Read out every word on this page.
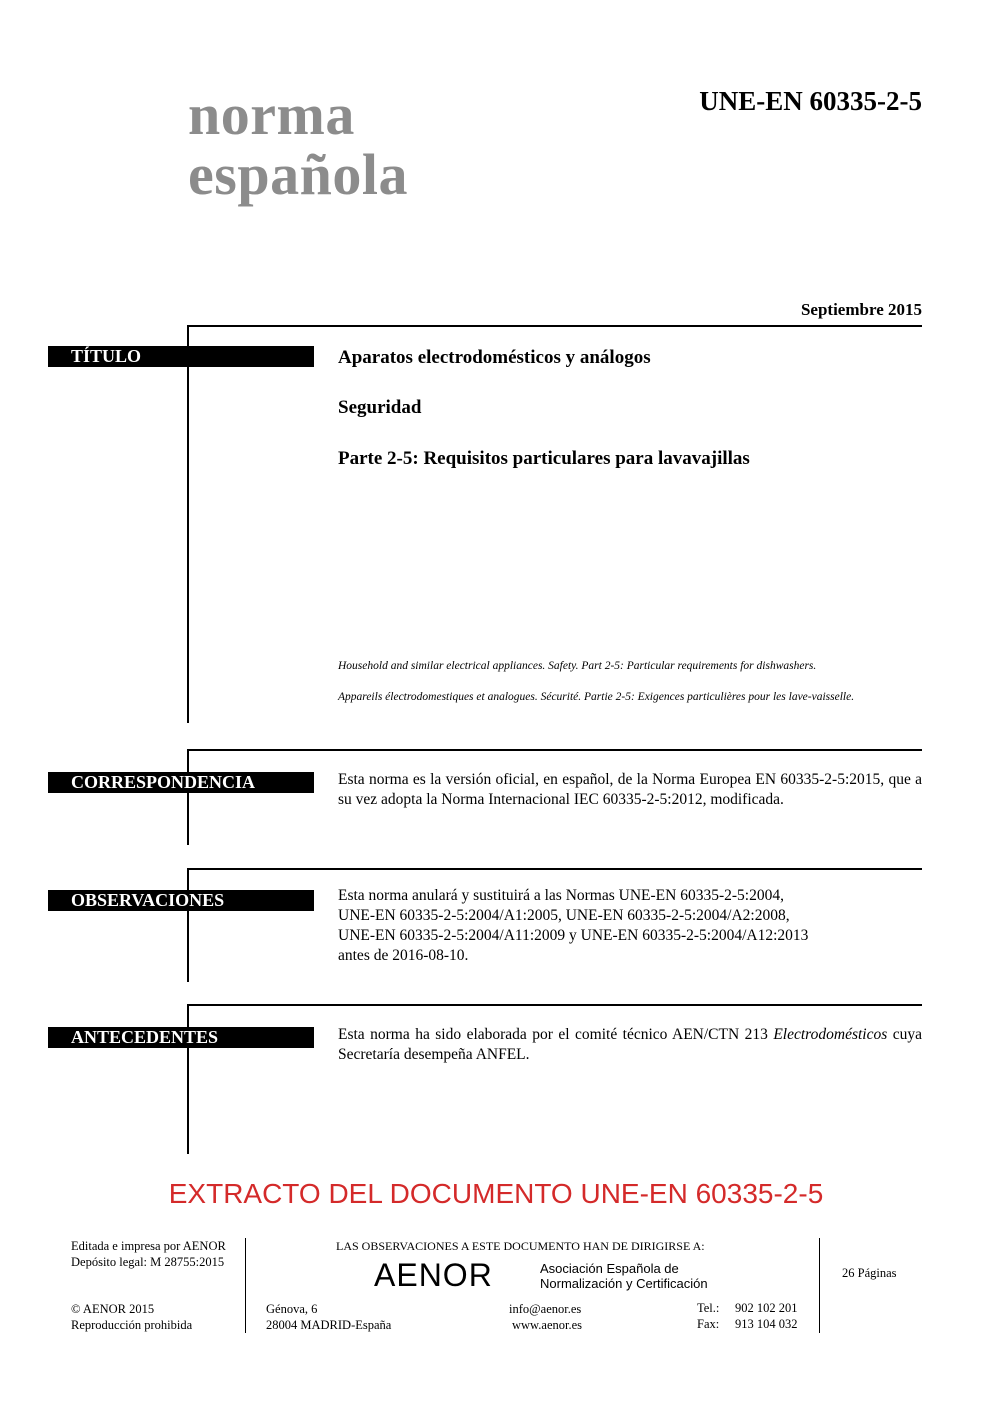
norma
española
UNE-EN 60335-2-5
Septiembre 2015
TÍTULO	Aparatos electrodomésticos y análogos
Seguridad
Parte 2-5: Requisitos particulares para lavavajillas
Household and similar electrical appliances. Safety. Part 2-5: Particular requirements for dishwashers.
Appareils électrodomestiques et analogues. Sécurité. Partie 2-5: Exigences particulières pour les lave-vaisselle.
CORRESPONDENCIA	Esta norma es la versión oficial, en español, de la Norma Europea EN 60335-2-5:2015, que a su vez adopta la Norma Internacional IEC 60335-2-5:2012, modificada.
OBSERVACIONES	Esta norma anulará y sustituirá a las Normas UNE-EN 60335-2-5:2004,
UNE-EN 60335-2-5:2004/A1:2005, UNE-EN 60335-2-5:2004/A2:2008,
UNE-EN 60335-2-5:2004/A11:2009 y UNE-EN 60335-2-5:2004/A12:2013
antes de 2016-08-10.
ANTECEDENTES	Esta norma ha sido elaborada por el comité técnico AEN/CTN 213 Electrodomésticos cuya Secretaría desempeña ANFEL.
EXTRACTO DEL DOCUMENTO UNE-EN 60335-2-5
Editada e impresa por AENOR
Depósito legal: M 28755:2015
© AENOR 2015
Reproducción prohibida
LAS OBSERVACIONES A ESTE DOCUMENTO HAN DE DIRIGIRSE A:
AENOR	Asociación Española de
Normalización y Certificación
Génova, 6
28004 MADRID-España
info@aenor.es
www.aenor.es
Tel.: 902 102 201
Fax: 913 104 032
26 Páginas
